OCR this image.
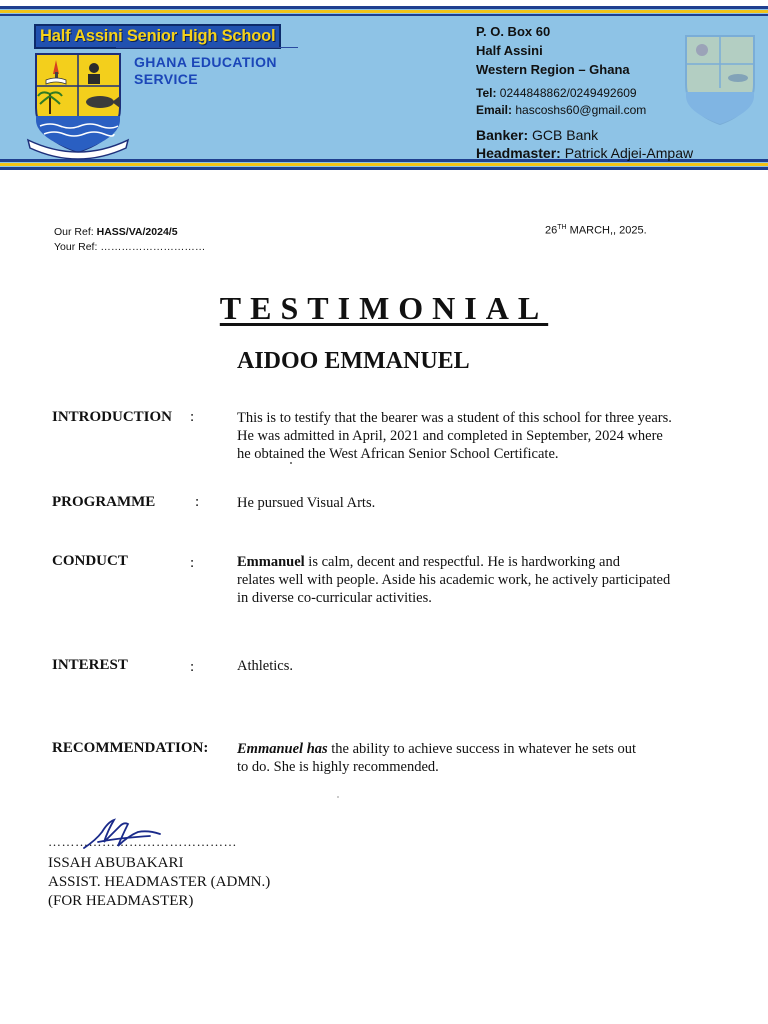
Half Assini Senior High School
GHANA EDUCATION
SERVICE
P. O. Box 60
Half Assini
Western Region – Ghana
Tel: 0244848862/0249492609
Email: hascoshs60@gmail.com
Banker: GCB Bank
Headmaster: Patrick Adjei-Ampaw
Our Ref: HASS/VA/2024/5
Your Ref: …………………………
26TH MARCH,, 2025.
TESTIMONIAL
AIDOO EMMANUEL
INTRODUCTION :	This is to testify that the bearer was a student of this school for three years.
He was admitted in April, 2021 and completed in September, 2024 where
he obtained the West African Senior School Certificate.
PROGRAMME	:	He pursued Visual Arts.
CONDUCT	:	Emmanuel is calm, decent and respectful. He is hardworking and
relates well with people. Aside his academic work, he actively participated
in diverse co-curricular activities.
INTEREST	:	Athletics.
RECOMMENDATION: Emmanuel has the ability to achieve success in whatever he sets out
to do. She is highly recommended.
……………………………………
ISSAH ABUBAKARI
ASSIST. HEADMASTER (ADMN.)
(FOR HEADMASTER)
